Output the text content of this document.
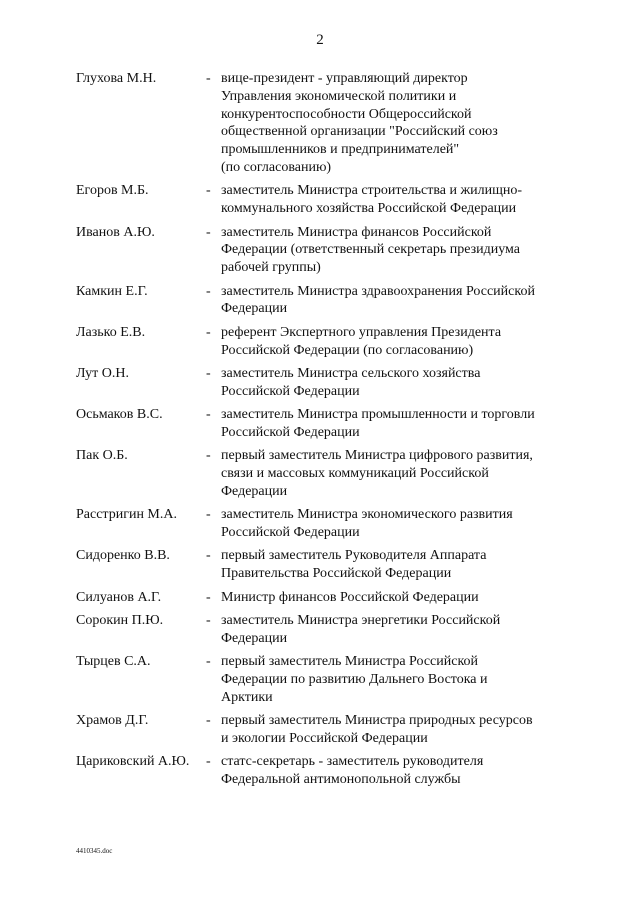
2
Глухова М.Н.	- вице-президент - управляющий директор
Управления экономической политики и
конкурентоспособности Общероссийской
общественной организации "Российский союз
промышленников и предпринимателей"
(по согласованию)
Егоров М.Б.	- заместитель Министра строительства и жилищно-
коммунального хозяйства Российской Федерации
Иванов А.Ю.	- заместитель Министра финансов Российской
Федерации (ответственный секретарь президиума
рабочей группы)
Камкин Е.Г.	- заместитель Министра здравоохранения Российской
Федерации
Лазько Е.В.	- референт Экспертного управления Президента
Российской Федерации (по согласованию)
Лут О.Н.	- заместитель Министра сельского хозяйства
Российской Федерации
Осьмаков В.С.	- заместитель Министра промышленности и торговли
Российской Федерации
Пак О.Б.	- первый заместитель Министра цифрового развития,
связи и массовых коммуникаций Российской
Федерации
Расстригин М.А.	- заместитель Министра экономического развития
Российской Федерации
Сидоренко В.В.	- первый заместитель Руководителя Аппарата
Правительства Российской Федерации
Силуанов А.Г.	- Министр финансов Российской Федерации
Сорокин П.Ю.	- заместитель Министра энергетики Российской
Федерации
Тырцев С.А.	- первый заместитель Министра Российской
Федерации по развитию Дальнего Востока и
Арктики
Храмов Д.Г.	- первый заместитель Министра природных ресурсов
и экологии Российской Федерации
Цариковский А.Ю.	- статс-секретарь - заместитель руководителя
Федеральной антимонопольной службы
4410345.doc
